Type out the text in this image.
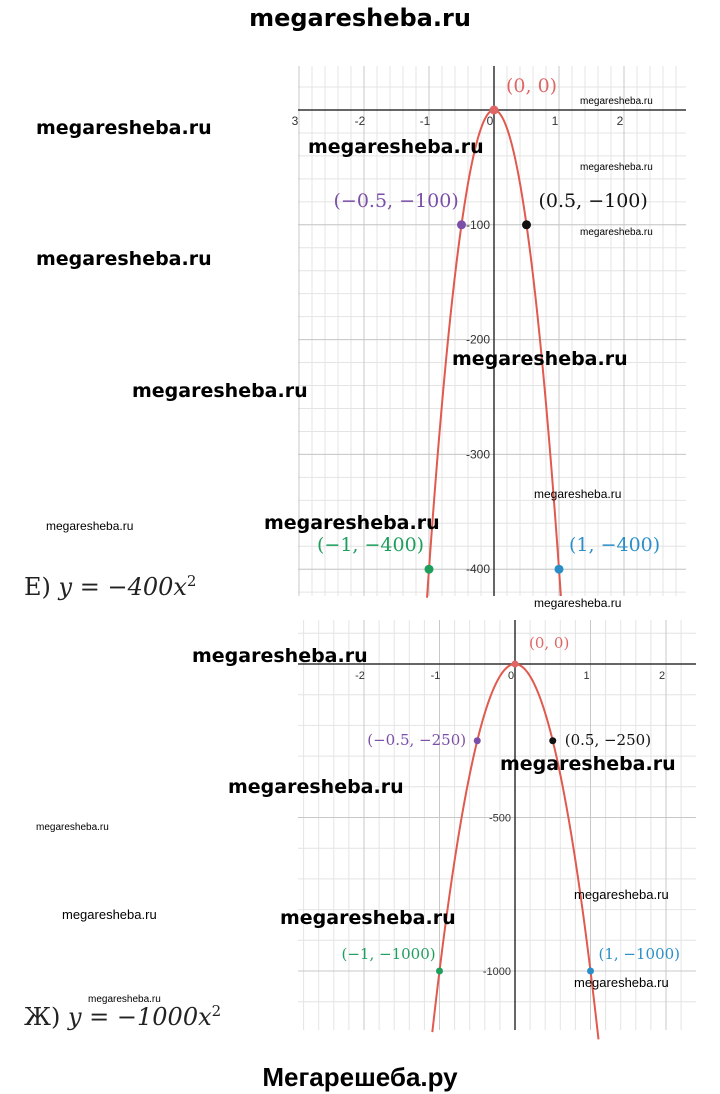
megaresheba.ru
3	-2	-1	0	1	2
-100
-200
-300
-400
(0, 0)
(−0.5, −100)	(0.5, −100)
(−1, −400)	(1, −400)
-2	-1	0	1	2
-500
-1000
(0, 0)
(−0.5, −250)	(0.5, −250)
(−1, −1000)	(1, −1000)
Е) $y = -400x^2$
Ж) $y = -1000x^2$
megaresheba.ru
megaresheba.ru
megaresheba.ru
megaresheba.ru
megaresheba.ru
megaresheba.ru
megaresheba.ru
megaresheba.ru
megaresheba.ru
megaresheba.ru	megaresheba.ru
megaresheba.ru
megaresheba.ru
megaresheba.ru
megaresheba.ru
megaresheba.ru
megaresheba.ru
megaresheba.ru	megaresheba.ru
megaresheba.ru
megaresheba.ru
Мегарешеба.ру
